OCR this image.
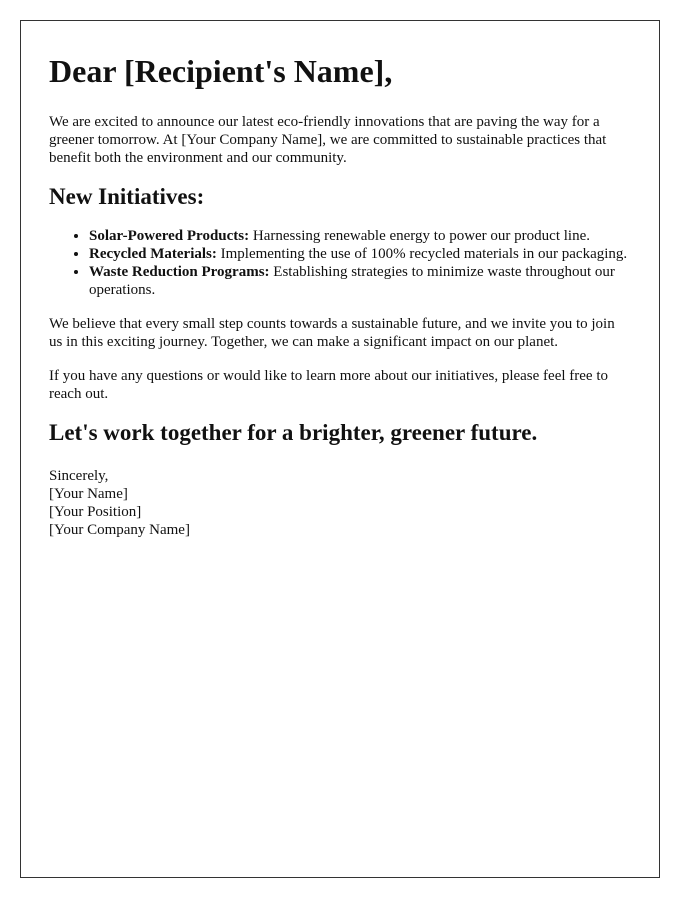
Dear [Recipient's Name],

We are excited to announce our latest eco-friendly innovations that are paving the way for a greener tomorrow. At [Your Company Name], we are committed to sustainable practices that benefit both the environment and our community.

New Initiatives:
• Solar-Powered Products: Harnessing renewable energy to power our product line.
• Recycled Materials: Implementing the use of 100% recycled materials in our packaging.
• Waste Reduction Programs: Establishing strategies to minimize waste throughout our operations.

We believe that every small step counts towards a sustainable future, and we invite you to join us in this exciting journey. Together, we can make a significant impact on our planet.

If you have any questions or would like to learn more about our initiatives, please feel free to reach out.

Let's work together for a brighter, greener future.
Sincerely,
[Your Name]
[Your Position]
[Your Company Name]
